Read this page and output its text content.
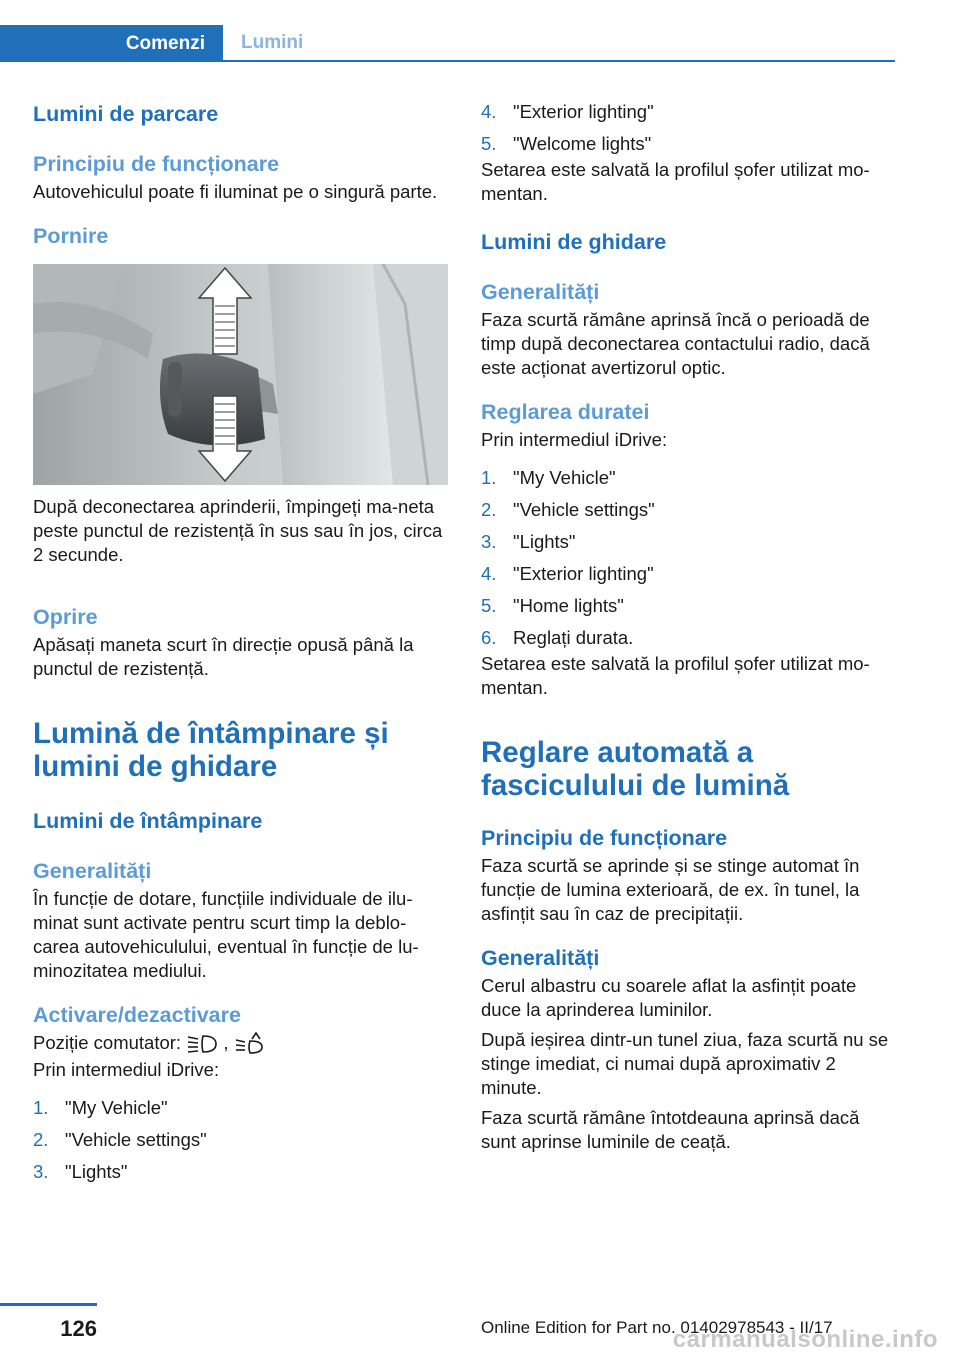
Comenzi	Lumini
Lumini de parcare
Principiu de funcționare

Autovehiculul poate fi iluminat pe o singură parte.

Pornire

După deconectarea aprinderii, împingeți ma-neta peste punctul de rezistență în sus sau în jos, circa 2 secunde.

Oprire

Apăsați maneta scurt în direcție opusă până la punctul de rezistență.

Lumină de întâmpinare și lumini de ghidare
Lumini de întâmpinare
Generalități

În funcție de dotare, funcțiile individuale de ilu-minat sunt activate pentru scurt timp la deblo-carea autovehiculului, eventual în funcție de lu-minozitatea mediului.

Activare/dezactivare

Poziție comutator: ,

Prin intermediul iDrive:

1. "My Vehicle"
2. "Vehicle settings"
3. "Lights"
4. "Exterior lighting"
5. "Welcome lights"

Setarea este salvată la profilul șofer utilizat mo-mentan.

Lumini de ghidare
Generalități

Faza scurtă rămâne aprinsă încă o perioadă de timp după deconectarea contactului radio, dacă este acționat avertizorul optic.

Reglarea duratei

Prin intermediul iDrive:

1. "My Vehicle"
2. "Vehicle settings"
3. "Lights"
4. "Exterior lighting"
5. "Home lights"
6. Reglați durata.

Setarea este salvată la profilul șofer utilizat mo-mentan.

Reglare automată a fasciculului de lumină
Principiu de funcționare

Faza scurtă se aprinde și se stinge automat în funcție de lumina exterioară, de ex. în tunel, la asfințit sau în caz de precipitații.

Generalități

Cerul albastru cu soarele aflat la asfințit poate duce la aprinderea luminilor.

După ieșirea dintr-un tunel ziua, faza scurtă nu se stinge imediat, ci numai după aproximativ 2 minute.

Faza scurtă rămâne întotdeauna aprinsă dacă sunt aprinse luminile de ceață.

126	Online Edition for Part no. 01402978543 - II/17
carmanualsonline.info
